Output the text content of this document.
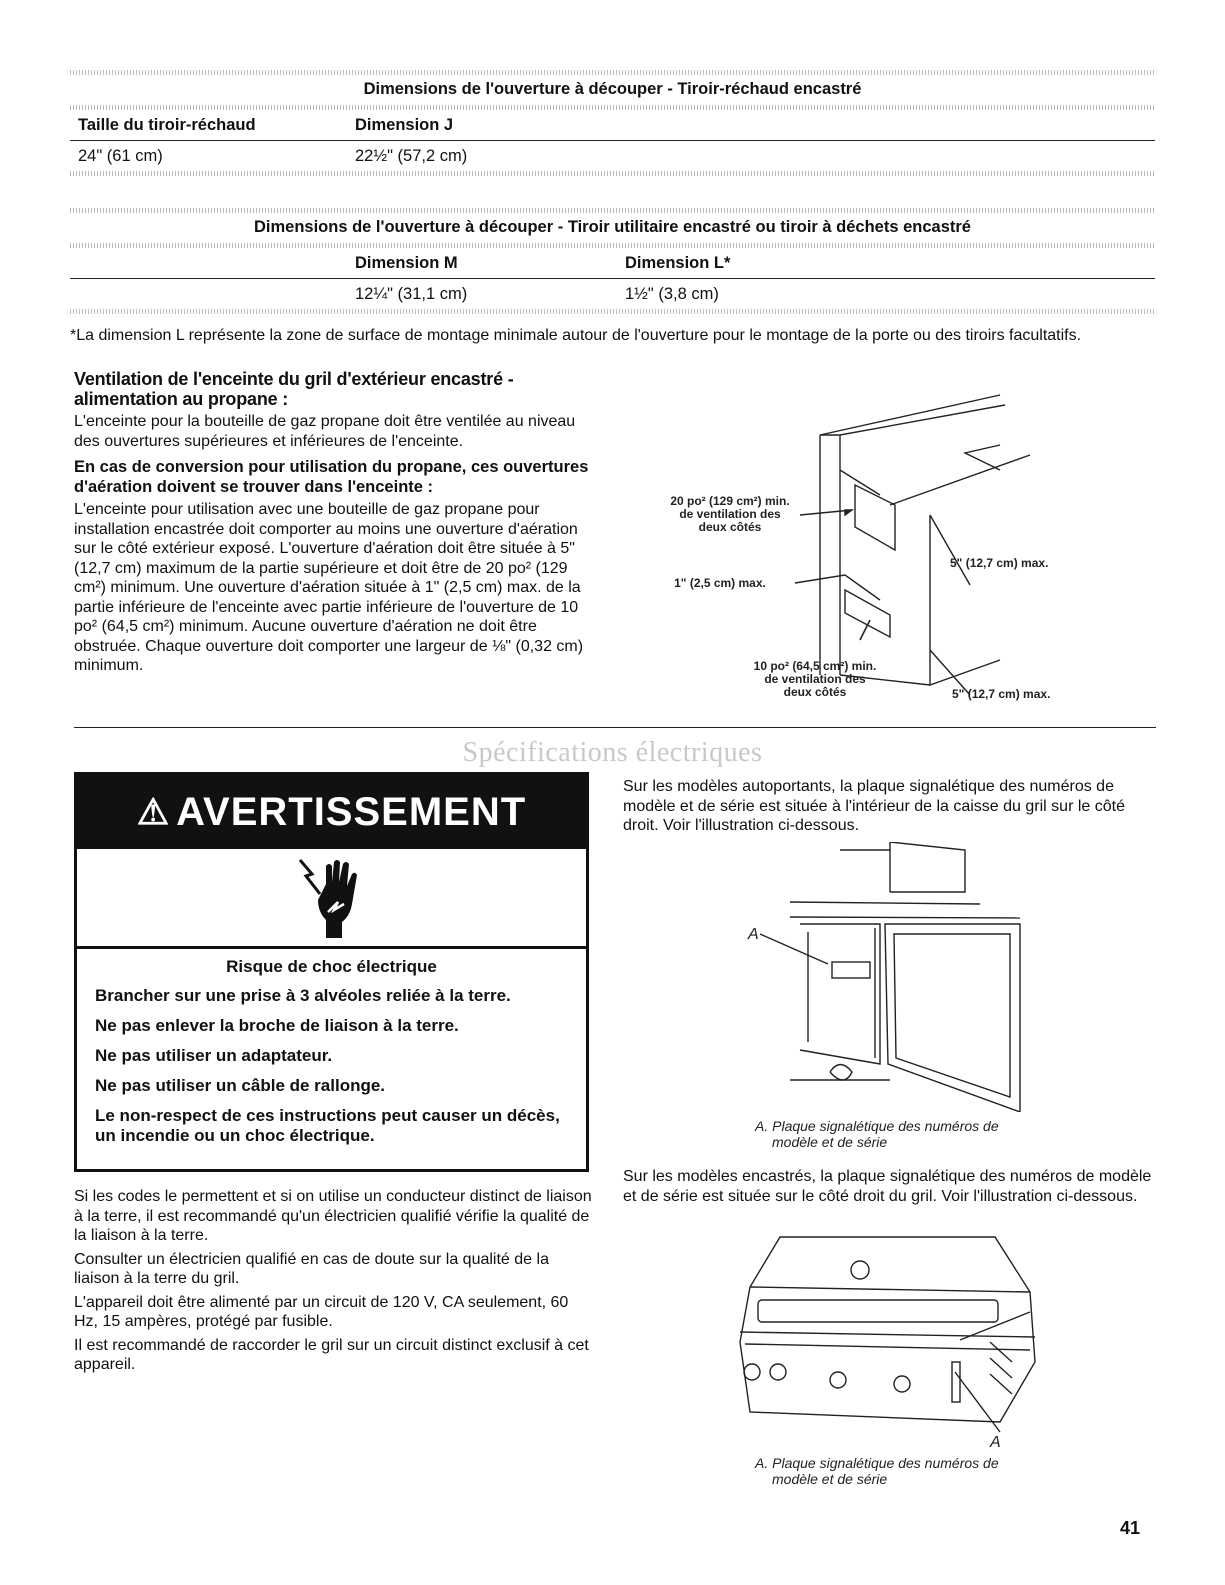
Dimensions de l'ouverture à découper - Tiroir-réchaud encastré
Taille du tiroir-réchaud	Dimension J
24" (61 cm)	22½" (57,2 cm)
Dimensions de l'ouverture à découper - Tiroir utilitaire encastré ou tiroir à déchets encastré
Dimension M	Dimension L*
12¼" (31,1 cm)	1½" (3,8 cm)
*La dimension L représente la zone de surface de montage minimale autour de l'ouverture pour le montage de la porte ou des tiroirs facultatifs.
Ventilation de l'enceinte du gril d'extérieur encastré - alimentation au propane :

L'enceinte pour la bouteille de gaz propane doit être ventilée au niveau des ouvertures supérieures et inférieures de l'enceinte.

En cas de conversion pour utilisation du propane, ces ouvertures d'aération doivent se trouver dans l'enceinte :

L'enceinte pour utilisation avec une bouteille de gaz propane pour installation encastrée doit comporter au moins une ouverture d'aération sur le côté extérieur exposé. L'ouverture d'aération doit être située à 5" (12,7 cm) maximum de la partie supérieure et doit être de 20 po² (129 cm²) minimum. Une ouverture d'aération située à 1" (2,5 cm) max. de la partie inférieure de l'enceinte avec partie inférieure de l'ouverture de 10 po² (64,5 cm²) minimum. Aucune ouverture d'aération ne doit être obstruée. Chaque ouverture doit comporter une largeur de ⅛" (0,32 cm) minimum.

20 po² (129 cm²) min.
de ventilation des
deux côtés
1" (2,5 cm) max.
10 po² (64,5 cm²) min.
de ventilation des
deux côtés
5" (12,7 cm) max.
5" (12,7 cm) max.
Spécifications électriques
⚠ AVERTISSEMENT
Risque de choc électrique

Brancher sur une prise à 3 alvéoles reliée à la terre.

Ne pas enlever la broche de liaison à la terre.

Ne pas utiliser un adaptateur.

Ne pas utiliser un câble de rallonge.

Le non-respect de ces instructions peut causer un décès, un incendie ou un choc électrique.

Si les codes le permettent et si on utilise un conducteur distinct de liaison à la terre, il est recommandé qu'un électricien qualifié vérifie la qualité de la liaison à la terre.

Consulter un électricien qualifié en cas de doute sur la qualité de la liaison à la terre du gril.

L'appareil doit être alimenté par un circuit de 120 V, CA seulement, 60 Hz, 15 ampères, protégé par fusible.

Il est recommandé de raccorder le gril sur un circuit distinct exclusif à cet appareil.

Sur les modèles autoportants, la plaque signalétique des numéros de modèle et de série est située à l'intérieur de la caisse du gril sur le côté droit. Voir l'illustration ci-dessous.
A
A. Plaque signalétique des numéros de
modèle et de série
Sur les modèles encastrés, la plaque signalétique des numéros de modèle et de série est située sur le côté droit du gril. Voir l'illustration ci-dessous.
A
A. Plaque signalétique des numéros de
modèle et de série
41
